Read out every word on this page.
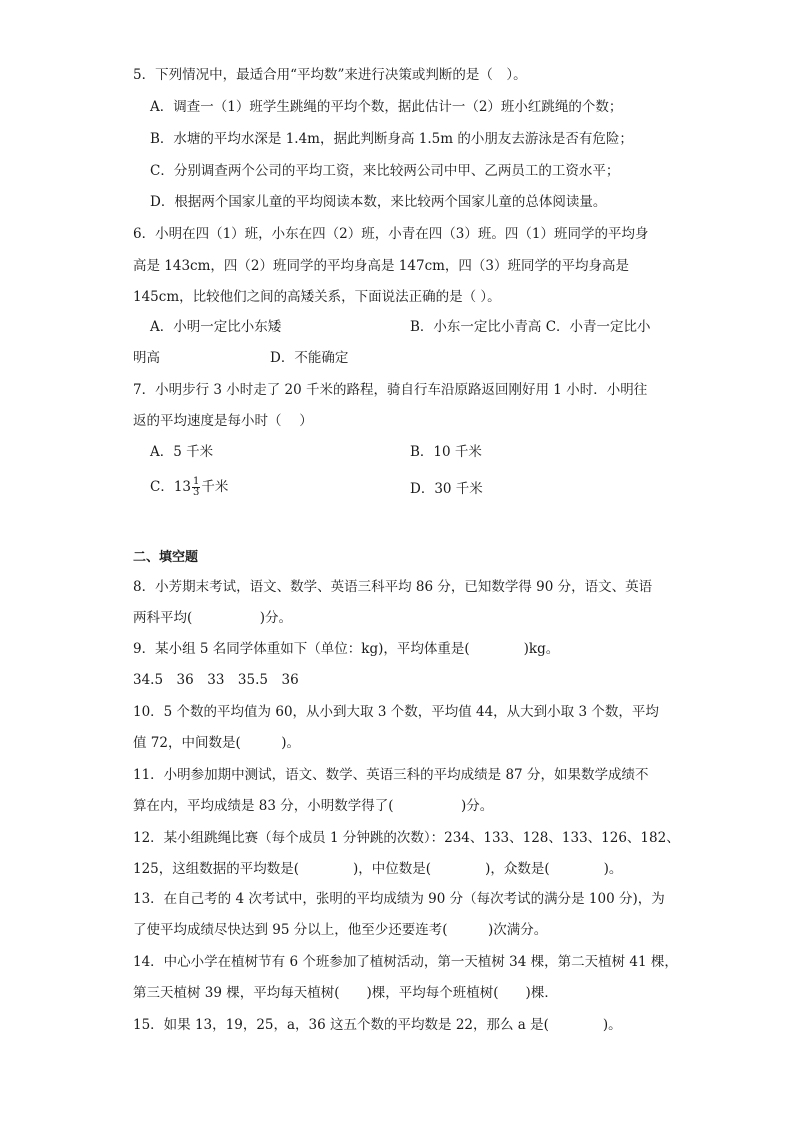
5．下列情况中，最适合用“平均数”来进行决策或判断的是（　）。
A．调查一（1）班学生跳绳的平均个数，据此估计一（2）班小红跳绳的个数；
B．水塘的平均水深是 1.4m，据此判断身高 1.5m 的小朋友去游泳是否有危险；
C．分别调查两个公司的平均工资，来比较两公司中甲、乙两员工的工资水平；
D．根据两个国家儿童的平均阅读本数，来比较两个国家儿童的总体阅读量。
6．小明在四（1）班，小东在四（2）班，小青在四（3）班。四（1）班同学的平均身
高是 143cm，四（2）班同学的平均身高是 147cm，四（3）班同学的平均身高是
145cm，比较他们之间的高矮关系，下面说法正确的是（ ）。
A．小明一定比小东矮	B．小东一定比小青高 C．小青一定比小
明高	D．不能确定
7．小明步行 3 小时走了 20 千米的路程，骑自行车沿原路返回刚好用 1 小时．小明往
返的平均速度是每小时（　 ）
A．5 千米	B．10 千米
C．$13 \frac{1}{3}$ 千米	D．30 千米
二、填空题
8．小芳期末考试，语文、数学、英语三科平均 86 分，已知数学得 90 分，语文、英语
两科平均(　　　　　)分。
9．某小组 5 名同学体重如下（单位：kg)，平均体重是(　　　　)kg。
34.5　36　33　35.5　36
10．5 个数的平均值为 60，从小到大取 3 个数，平均值 44，从大到小取 3 个数，平均
值 72，中间数是(　　　)。
11．小明参加期中测试，语文、数学、英语三科的平均成绩是 87 分，如果数学成绩不
算在内，平均成绩是 83 分，小明数学得了(　　　　　)分。
12．某小组跳绳比赛（每个成员 1 分钟跳的次数）：234、133、128、133、126、182、
125，这组数据的平均数是(　　　　)，中位数是(　　　　)，众数是(　　　　)。
13．在自己考的 4 次考试中，张明的平均成绩为 90 分（每次考试的满分是 100 分)，为
了使平均成绩尽快达到 95 分以上，他至少还要连考(　　　)次满分。
14．中心小学在植树节有 6 个班参加了植树活动，第一天植树 34 棵，第二天植树 41 棵，
第三天植树 39 棵，平均每天植树(　　)棵，平均每个班植树(　　)棵．
15．如果 13，19，25，a，36 这五个数的平均数是 22，那么 a 是(　　　　)。
